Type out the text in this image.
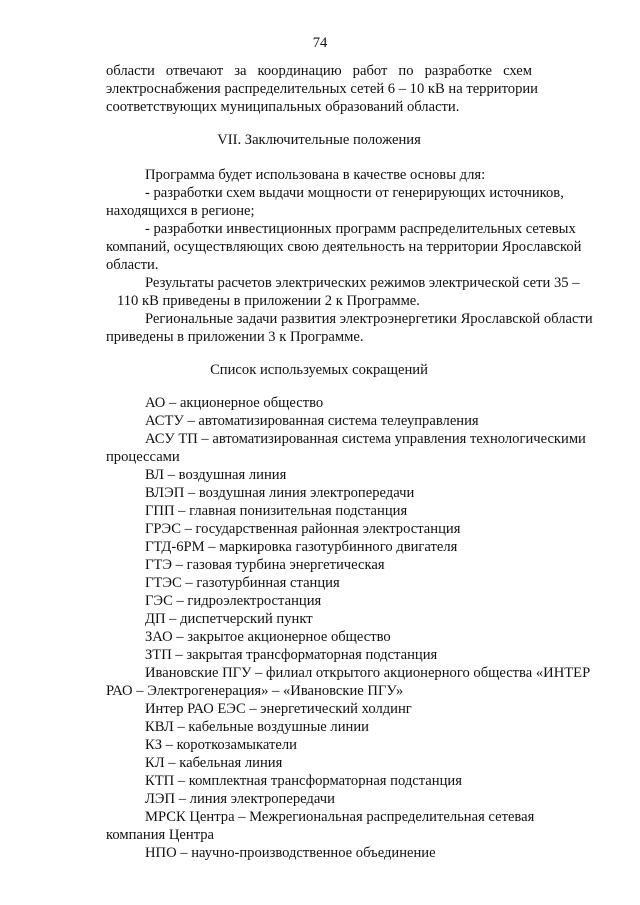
74
области отвечают за координацию работ по разработке схем
электроснабжения распределительных сетей 6 – 10 кВ на территории
соответствующих муниципальных образований области.
VII. Заключительные положения
Программа будет использована в качестве основы для:
- разработки схем выдачи мощности от генерирующих источников,
находящихся в регионе;
- разработки инвестиционных программ распределительных сетевых
компаний, осуществляющих свою деятельность на территории Ярославской
области.
Результаты расчетов электрических режимов электрической сети 35 –
110 кВ приведены в приложении 2 к Программе.
Региональные задачи развития электроэнергетики Ярославской области
приведены в приложении 3 к Программе.
Список используемых сокращений
АО – акционерное общество
АСТУ – автоматизированная система телеуправления
АСУ ТП – автоматизированная система управления технологическими
процессами
ВЛ – воздушная линия
ВЛЭП – воздушная линия электропередачи
ГПП – главная понизительная подстанция
ГРЭС – государственная районная электростанция
ГТД-6РМ – маркировка газотурбинного двигателя
ГТЭ – газовая турбина энергетическая
ГТЭС – газотурбинная станция
ГЭС – гидроэлектростанция
ДП – диспетчерский пункт
ЗАО – закрытое акционерное общество
ЗТП – закрытая трансформаторная подстанция
Ивановские ПГУ – филиал открытого акционерного общества «ИНТЕР
РАО – Электрогенерация» – «Ивановские ПГУ»
Интер РАО ЕЭС – энергетический холдинг
КВЛ – кабельные воздушные линии
КЗ – короткозамыкатели
КЛ – кабельная линия
КТП – комплектная трансформаторная подстанция
ЛЭП – линия электропередачи
МРСК Центра – Межрегиональная распределительная сетевая
компания Центра
НПО – научно-производственное объединение
